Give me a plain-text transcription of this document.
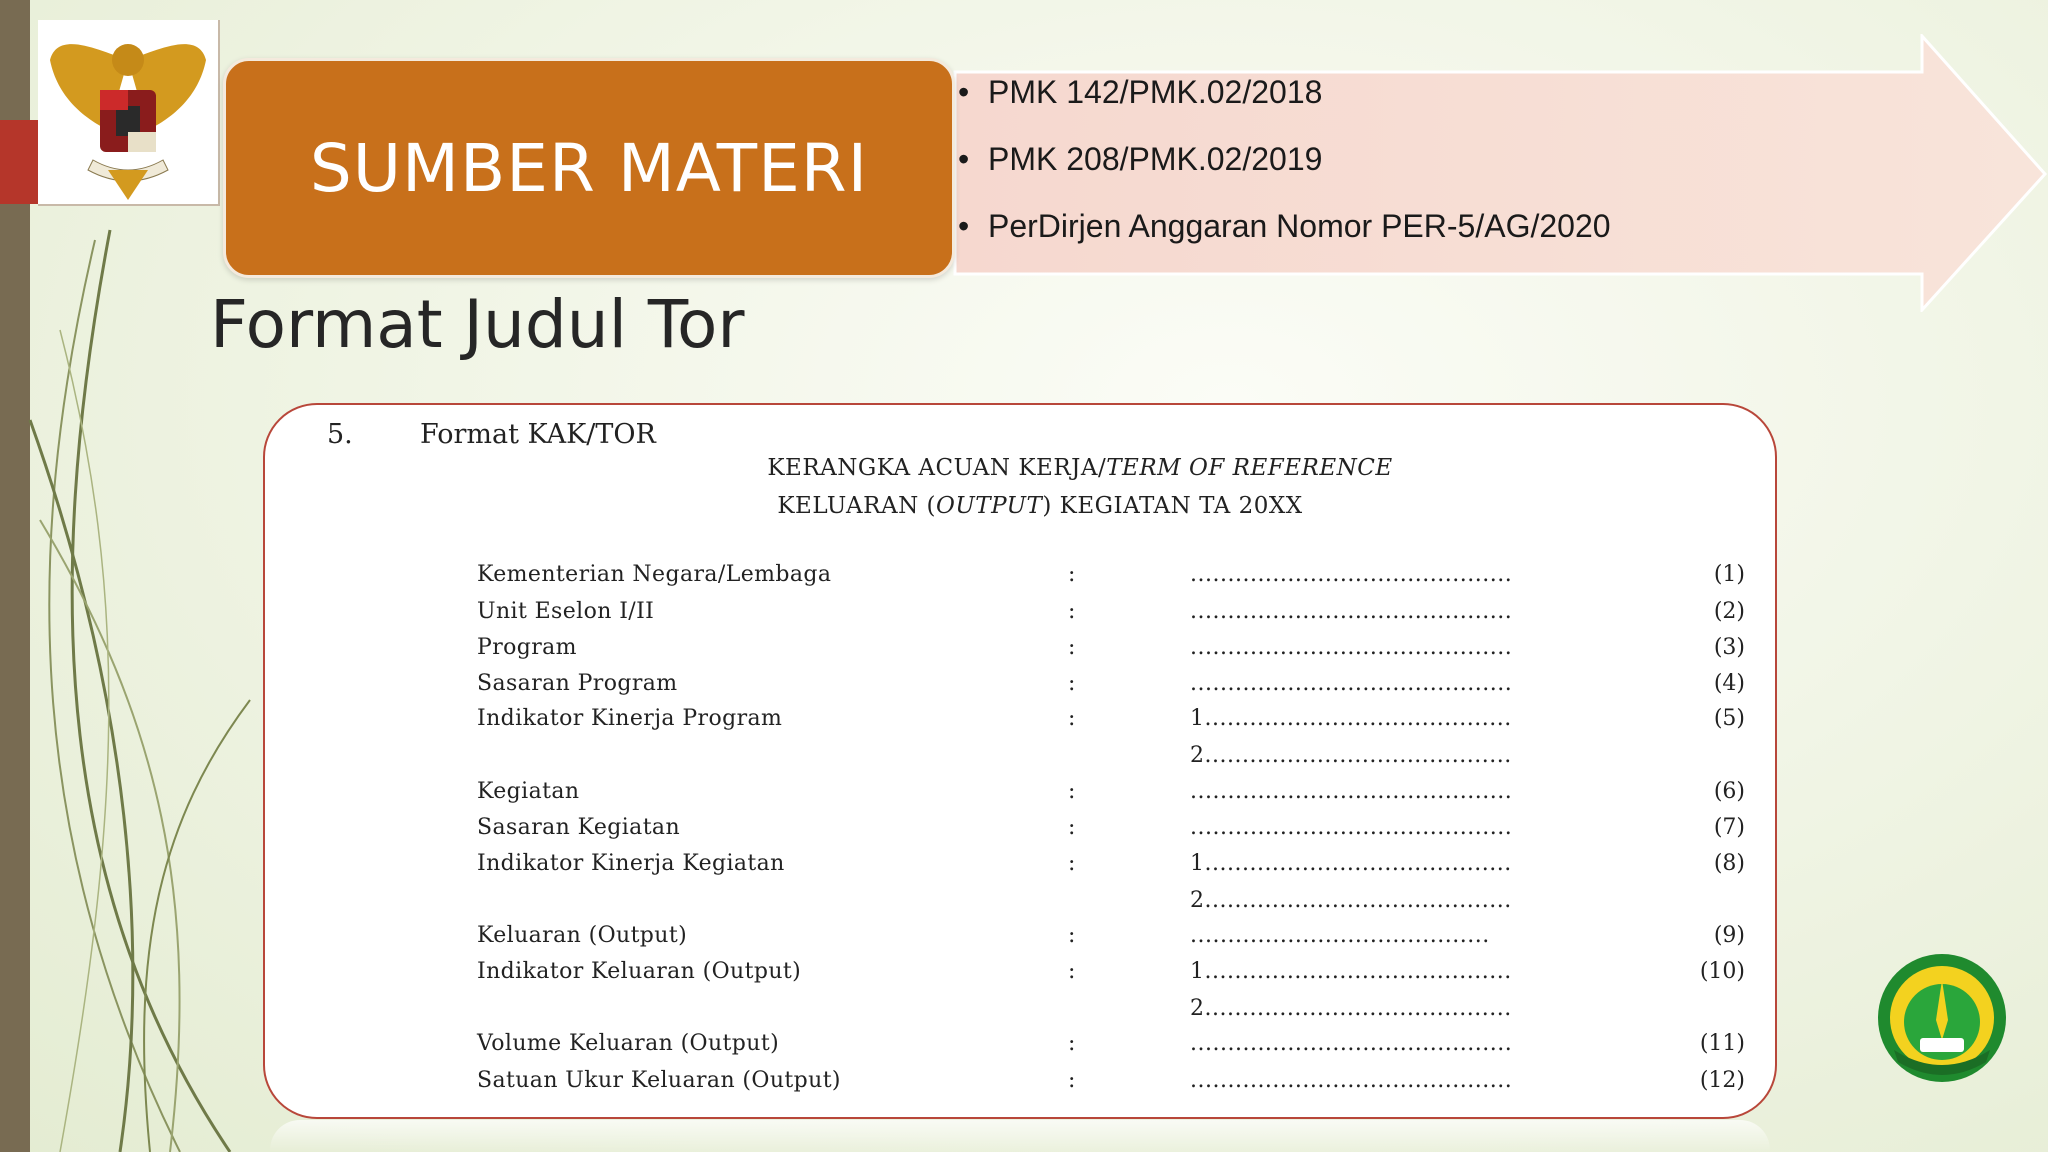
SUMBER MATERI
• PMK 142/PMK.02/2018
• PMK 208/PMK.02/2019
• PerDirjen Anggaran Nomor PER-5/AG/2020
Format Judul Tor
5. Format KAK/TOR
KERANGKA ACUAN KERJA/TERM OF REFERENCE
KELUARAN (OUTPUT) KEGIATAN TA 20XX
Kementerian Negara/Lembaga	:	...........................................	(1)
Unit Eselon I/II	:	...........................................	(2)
Program	:	...........................................	(3)
Sasaran Program	:	...........................................	(4)
Indikator Kinerja Program	:	1.........................................	(5)
2.........................................
Kegiatan	:	...........................................	(6)
Sasaran Kegiatan	:	...........................................	(7)
Indikator Kinerja Kegiatan	:	1.........................................	(8)
2.........................................
Keluaran (Output)	:	........................................	(9)
Indikator Keluaran (Output)	:	1.........................................	(10)
2.........................................
Volume Keluaran (Output)	:	...........................................	(11)
Satuan Ukur Keluaran (Output)	:	...........................................	(12)
